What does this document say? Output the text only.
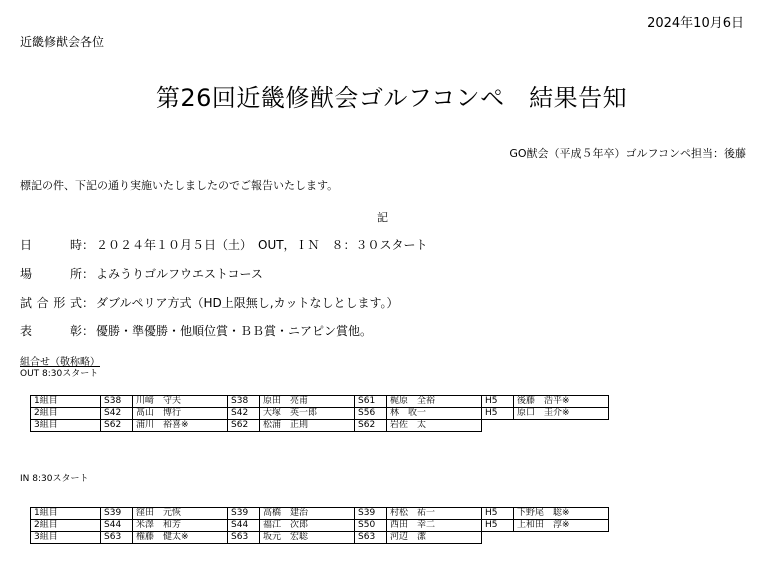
2024年10月6日
近畿修猷会各位
第26回近畿修猷会ゴルフコンペ　結果告知
GO猷会（平成５年卒）ゴルフコンペ担当：後藤
標記の件、下記の通り実施いたしましたのでご報告いたします。
記
日　時： ２０２４年１０月５日（土）　OUT，ＩＮ　８：３０スタート
場　所： よみうりゴルフウエストコース
試合形式： ダブルペリア方式（HD上限無し,カットなしとします。）
表　彰： 優勝・準優勝・他順位賞・ＢＢ賞・ニアピン賞他。
組合せ（敬称略）
OUT 8:30スタート
1組目	S38	川﨑　守夫	S38	原田　亮甫	S61	梶原　全裕	H5	後藤　浩平※
2組目	S42	髙山　博行	S42	大塚　英一郎	S56	林　收一	H5	原口　圭介※
3組目	S62	浦川　裕喜※	S62	松浦　正則	S62	岩佐　太		
IN 8:30スタート
1組目	S39	窪田　元恢	S39	高橋　建治	S39	村松　祐一	H5	下野尾　聡※
2組目	S44	米澤　和芳	S44	福江　次郎	S50	西田　幸二	H5	上和田　淳※
3組目	S63	権藤　健太※	S63	坂元　宏聡	S63	河辺　潔		
